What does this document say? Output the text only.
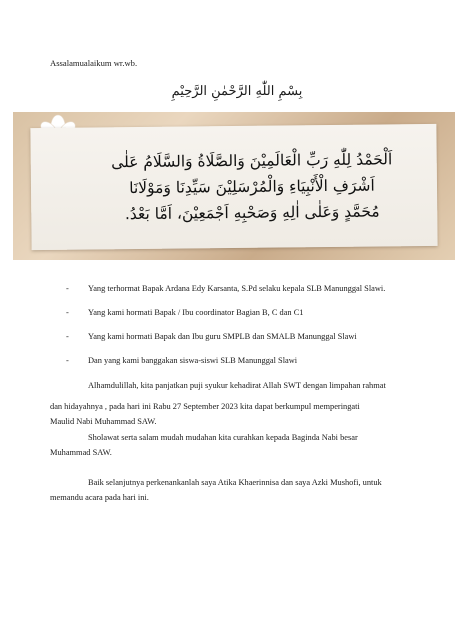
Assalamualaikum wr.wb.
بِسْمِ اللّٰهِ الرَّحْمٰنِ الرَّحِيْمِ
اَلْحَمْدُ لِلّٰهِ رَبِّ الْعَالَمِيْنَ وَالصَّلَاةُ وَالسَّلَامُ عَلٰى
اَشْرَفِ الْأَنْبِيَاءِ وَالْمُرْسَلِيْنَ سَيِّدِنَا وَمَوْلَانَا
مُحَمَّدٍ وَعَلٰى اٰلِهِ وَصَحْبِهِ اَجْمَعِيْنَ، اَمَّا بَعْدُ.
- Yang terhormat Bapak Ardana Edy Karsanta, S.Pd selaku kepala SLB Manunggal Slawi.
- Yang kami hormati Bapak / Ibu coordinator Bagian B, C dan C1
- Yang kami hormati Bapak dan Ibu guru SMPLB dan SMALB Manunggal Slawi
- Dan yang kami banggakan siswa-siswi SLB Manunggal Slawi
Alhamdulillah, kita panjatkan puji syukur kehadirat Allah SWT dengan limpahan rahmat
dan hidayahnya , pada hari ini Rabu 27 September 2023 kita dapat berkumpul memperingati
Maulid Nabi Muhammad SAW.
Sholawat serta salam mudah mudahan kita curahkan kepada Baginda Nabi besar
Muhammad SAW.
Baik selanjutnya perkenankanlah saya Atika Khaerinnisa dan saya Azki Mushofi, untuk
memandu acara pada hari ini.
